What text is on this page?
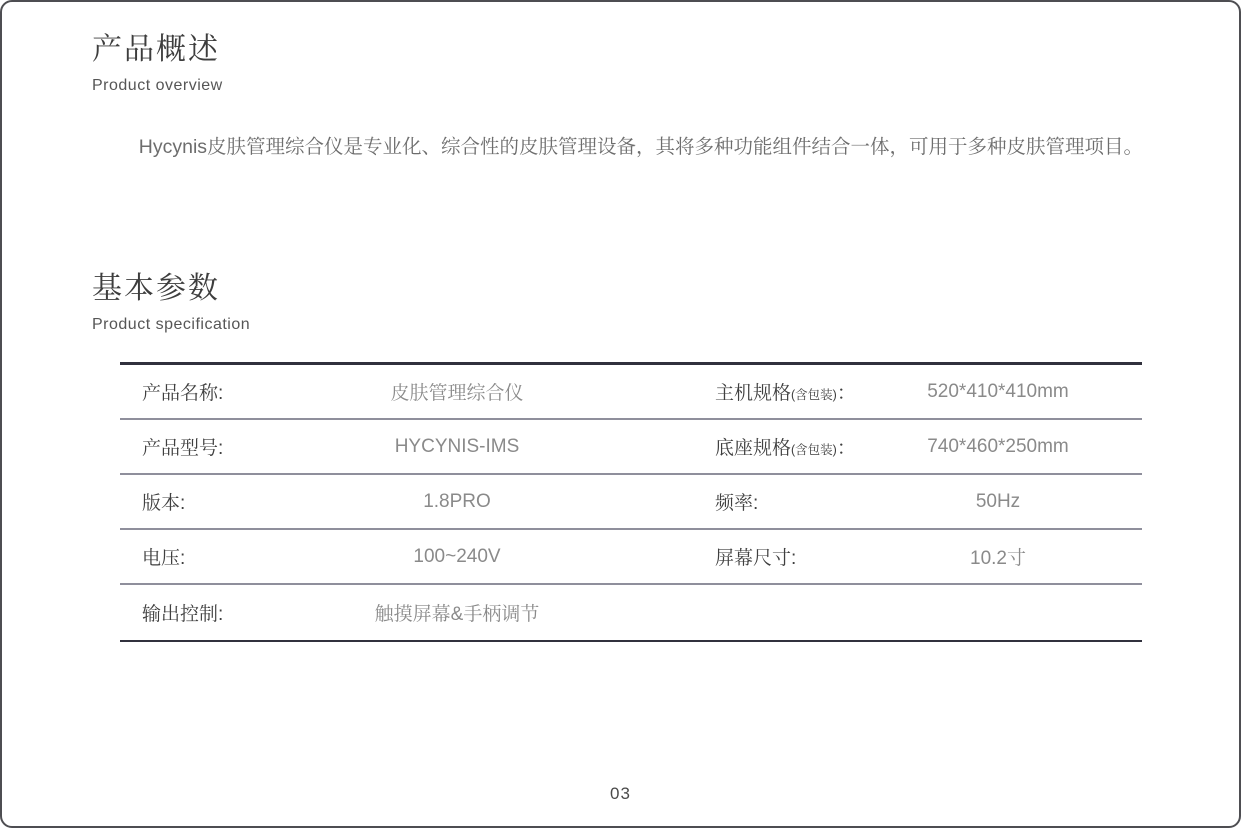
产品概述
Product overview

Hycynis皮肤管理综合仪是专业化、综合性的皮肤管理设备，其将多种功能组件结合一体，可用于多种皮肤管理项目。

基本参数
Product specification
产品名称:	皮肤管理综合仪	主机规格(含包装)：	520*410*410mm
产品型号:	HYCYNIS-IMS	底座规格(含包装)：	740*460*250mm
版本:	1.8PRO	频率:	50Hz
电压:	100~240V	屏幕尺寸:	10.2寸
输出控制:	触摸屏幕&手柄调节
03
